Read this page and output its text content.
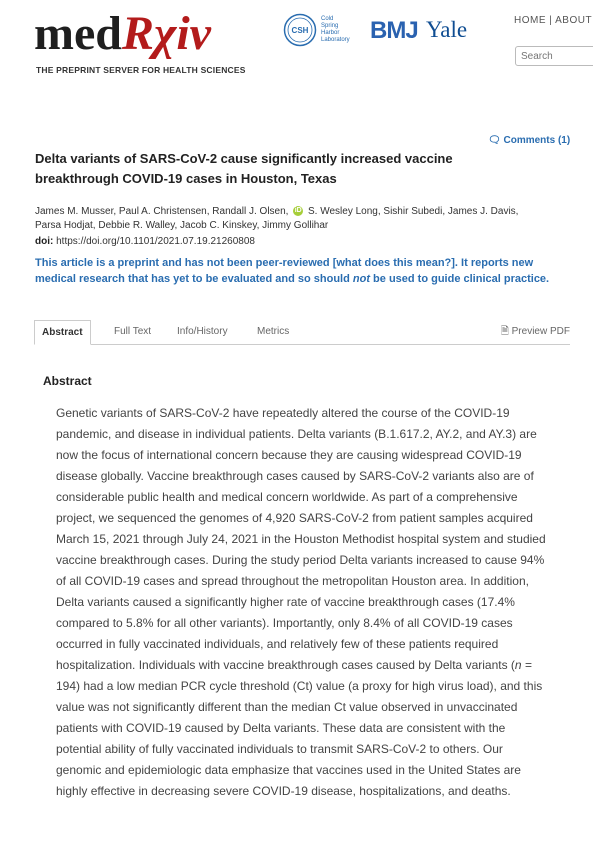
medRχiv
THE PREPRINT SERVER FOR HEALTH SCIENCES
CSH
Cold
Spring
Harbor
Laboratory BMJ Yale	HOME | ABOUT
Search
🗨︎ Comments (1)
Delta variants of SARS-CoV-2 cause significantly increased vaccine breakthrough COVID-19 cases in Houston, Texas
James M. Musser, Paul A. Christensen, Randall J. Olsen, iD S. Wesley Long, Sishir Subedi, James J. Davis,
Parsa Hodjat, Debbie R. Walley, Jacob C. Kinskey, Jimmy Gollihar
doi: https://doi.org/10.1101/2021.07.19.21260808
This article is a preprint and has not been peer-reviewed [what does this mean?]. It reports new medical research that has yet to be evaluated and so should not be used to guide clinical practice.
Abstract	Full Text	Info/History	Metrics	🗎︎ Preview PDF
Abstract
Genetic variants of SARS-CoV-2 have repeatedly altered the course of the COVID-19 pandemic, and disease in individual patients. Delta variants (B.1.617.2, AY.2, and AY.3) are now the focus of international concern because they are causing widespread COVID-19 disease globally. Vaccine breakthrough cases caused by SARS-CoV-2 variants also are of considerable public health and medical concern worldwide. As part of a comprehensive project, we sequenced the genomes of 4,920 SARS-CoV-2 from patient samples acquired March 15, 2021 through July 24, 2021 in the Houston Methodist hospital system and studied vaccine breakthrough cases. During the study period Delta variants increased to cause 94% of all COVID-19 cases and spread throughout the metropolitan Houston area. In addition, Delta variants caused a significantly higher rate of vaccine breakthrough cases (17.4% compared to 5.8% for all other variants). Importantly, only 8.4% of all COVID-19 cases occurred in fully vaccinated individuals, and relatively few of these patients required hospitalization. Individuals with vaccine breakthrough cases caused by Delta variants (n = 194) had a low median PCR cycle threshold (Ct) value (a proxy for high virus load), and this value was not significantly different than the median Ct value observed in unvaccinated patients with COVID-19 caused by Delta variants. These data are consistent with the potential ability of fully vaccinated individuals to transmit SARS-CoV-2 to others. Our genomic and epidemiologic data emphasize that vaccines used in the United States are highly effective in decreasing severe COVID-19 disease, hospitalizations, and deaths.
